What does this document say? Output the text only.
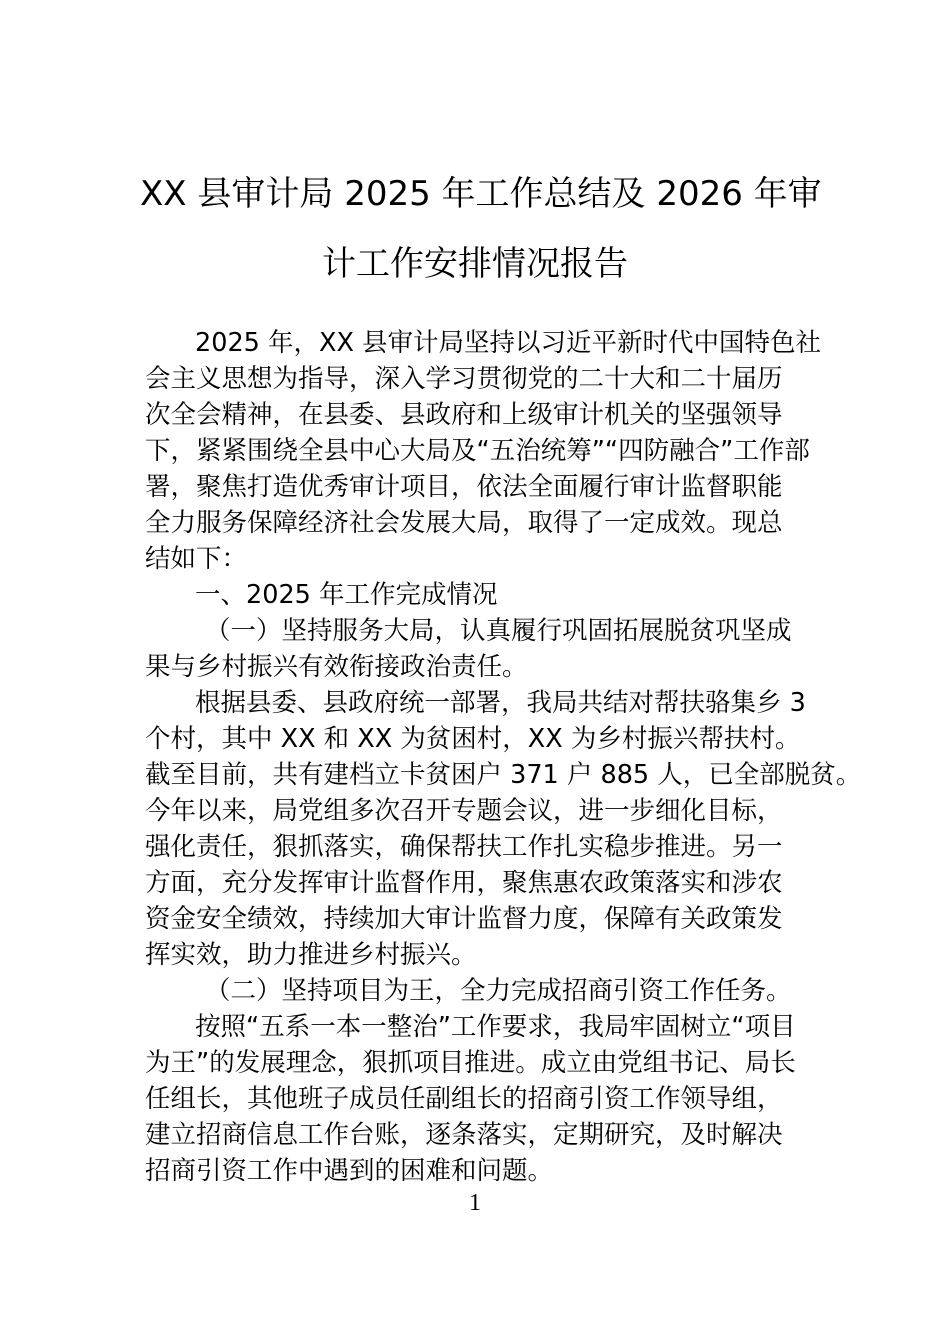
XX 县审计局 2025 年工作总结及 2026 年审
计工作安排情况报告
2025 年，XX 县审计局坚持以习近平新时代中国特色社
会主义思想为指导，深入学习贯彻党的二十大和二十届历
次全会精神，在县委、县政府和上级审计机关的坚强领导
下，紧紧围绕全县中心大局及“五治统筹”“四防融合”工作部
署，聚焦打造优秀审计项目，依法全面履行审计监督职能
全力服务保障经济社会发展大局，取得了一定成效。现总
结如下：
一、2025 年工作完成情况
（一）坚持服务大局，认真履行巩固拓展脱贫巩坚成
果与乡村振兴有效衔接政治责任。
根据县委、县政府统一部署，我局共结对帮扶骆集乡 3
个村，其中 XX 和 XX 为贫困村，XX 为乡村振兴帮扶村。
截至目前，共有建档立卡贫困户 371 户 885 人，已全部脱贫。
今年以来，局党组多次召开专题会议，进一步细化目标，
强化责任，狠抓落实，确保帮扶工作扎实稳步推进。另一
方面，充分发挥审计监督作用，聚焦惠农政策落实和涉农
资金安全绩效，持续加大审计监督力度，保障有关政策发
挥实效，助力推进乡村振兴。
（二）坚持项目为王，全力完成招商引资工作任务。
按照“五系一本一整治”工作要求，我局牢固树立“项目
为王”的发展理念，狠抓项目推进。成立由党组书记、局长
任组长，其他班子成员任副组长的招商引资工作领导组，
建立招商信息工作台账，逐条落实，定期研究，及时解决
招商引资工作中遇到的困难和问题。
1
